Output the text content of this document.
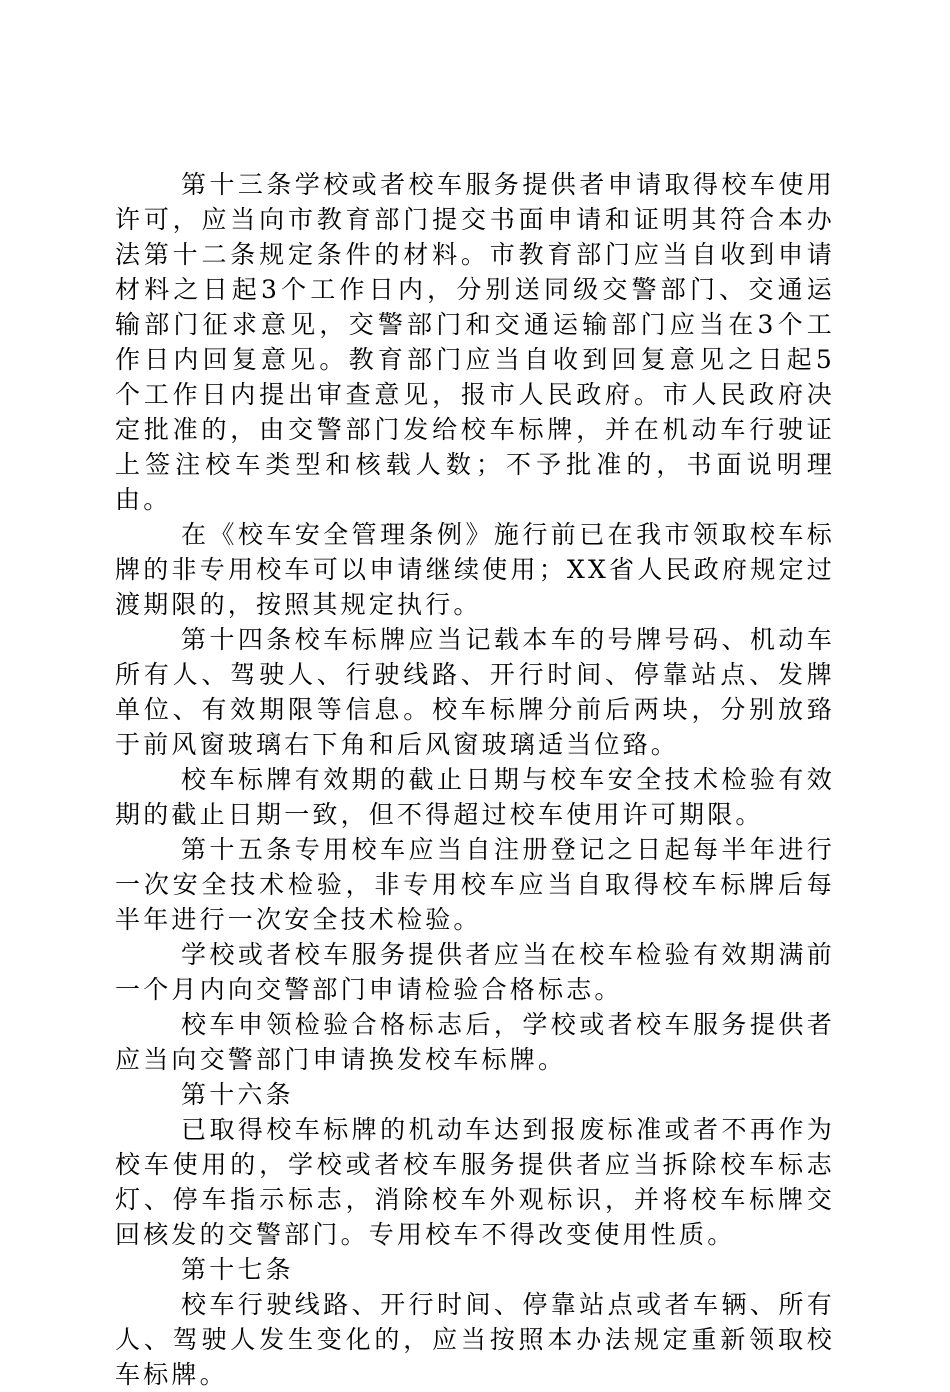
第十三条学校或者校车服务提供者申请取得校车使用许可，应当向市教育部门提交书面申请和证明其符合本办法第十二条规定条件的材料。市教育部门应当自收到申请材料之日起3个工作日内，分别送同级交警部门、交通运输部门征求意见，交警部门和交通运输部门应当在3个工作日内回复意见。教育部门应当自收到回复意见之日起5个工作日内提出审查意见，报市人民政府。市人民政府决定批准的，由交警部门发给校车标牌，并在机动车行驶证上签注校车类型和核载人数；不予批准的，书面说明理由。

在《校车安全管理条例》施行前已在我市领取校车标牌的非专用校车可以申请继续使用；XX省人民政府规定过渡期限的，按照其规定执行。

第十四条校车标牌应当记载本车的号牌号码、机动车所有人、驾驶人、行驶线路、开行时间、停靠站点、发牌单位、有效期限等信息。校车标牌分前后两块，分别放臵于前风窗玻璃右下角和后风窗玻璃适当位臵。

校车标牌有效期的截止日期与校车安全技术检验有效期的截止日期一致，但不得超过校车使用许可期限。

第十五条专用校车应当自注册登记之日起每半年进行一次安全技术检验，非专用校车应当自取得校车标牌后每半年进行一次安全技术检验。

学校或者校车服务提供者应当在校车检验有效期满前一个月内向交警部门申请检验合格标志。

校车申领检验合格标志后，学校或者校车服务提供者应当向交警部门申请换发校车标牌。

第十六条

已取得校车标牌的机动车达到报废标准或者不再作为校车使用的，学校或者校车服务提供者应当拆除校车标志灯、停车指示标志，消除校车外观标识，并将校车标牌交回核发的交警部门。专用校车不得改变使用性质。

第十七条

校车行驶线路、开行时间、停靠站点或者车辆、所有人、驾驶人发生变化的，应当按照本办法规定重新领取校车标牌。
